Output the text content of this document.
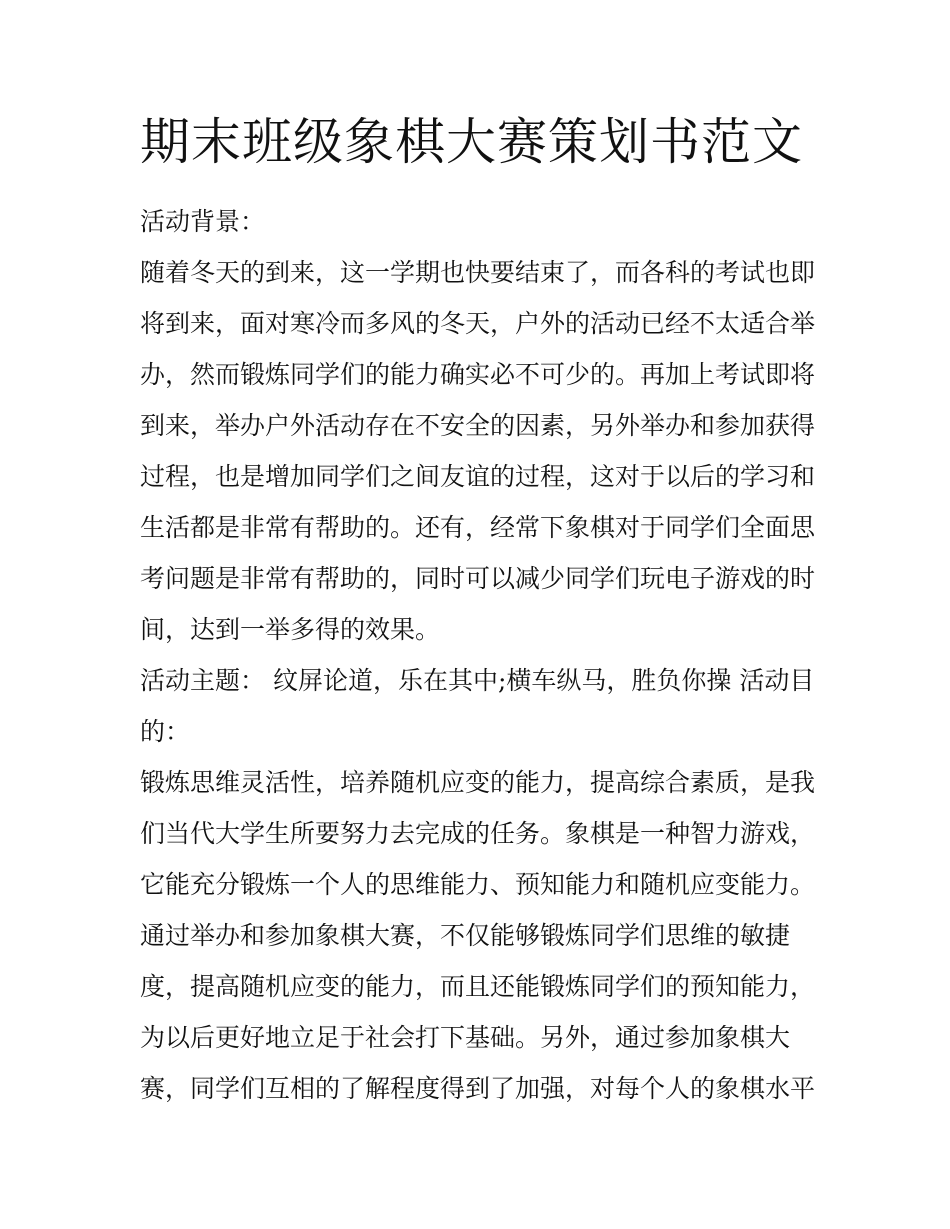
期末班级象棋大赛策划书范文

活动背景：

随着冬天的到来，这一学期也快要结束了，而各科的考试也即

将到来，面对寒冷而多风的冬天，户外的活动已经不太适合举

办，然而锻炼同学们的能力确实必不可少的。再加上考试即将

到来，举办户外活动存在不安全的因素，另外举办和参加获得

过程，也是增加同学们之间友谊的过程，这对于以后的学习和

生活都是非常有帮助的。还有，经常下象棋对于同学们全面思

考问题是非常有帮助的，同时可以减少同学们玩电子游戏的时

间，达到一举多得的效果。

活动主题： 纹屏论道，乐在其中;横车纵马，胜负你操 活动目

的：

锻炼思维灵活性，培养随机应变的能力，提高综合素质，是我

们当代大学生所要努力去完成的任务。象棋是一种智力游戏，

它能充分锻炼一个人的思维能力、预知能力和随机应变能力。

通过举办和参加象棋大赛，不仅能够锻炼同学们思维的敏捷

度，提高随机应变的能力，而且还能锻炼同学们的预知能力，

为以后更好地立足于社会打下基础。另外，通过参加象棋大

赛，同学们互相的了解程度得到了加强，对每个人的象棋水平
